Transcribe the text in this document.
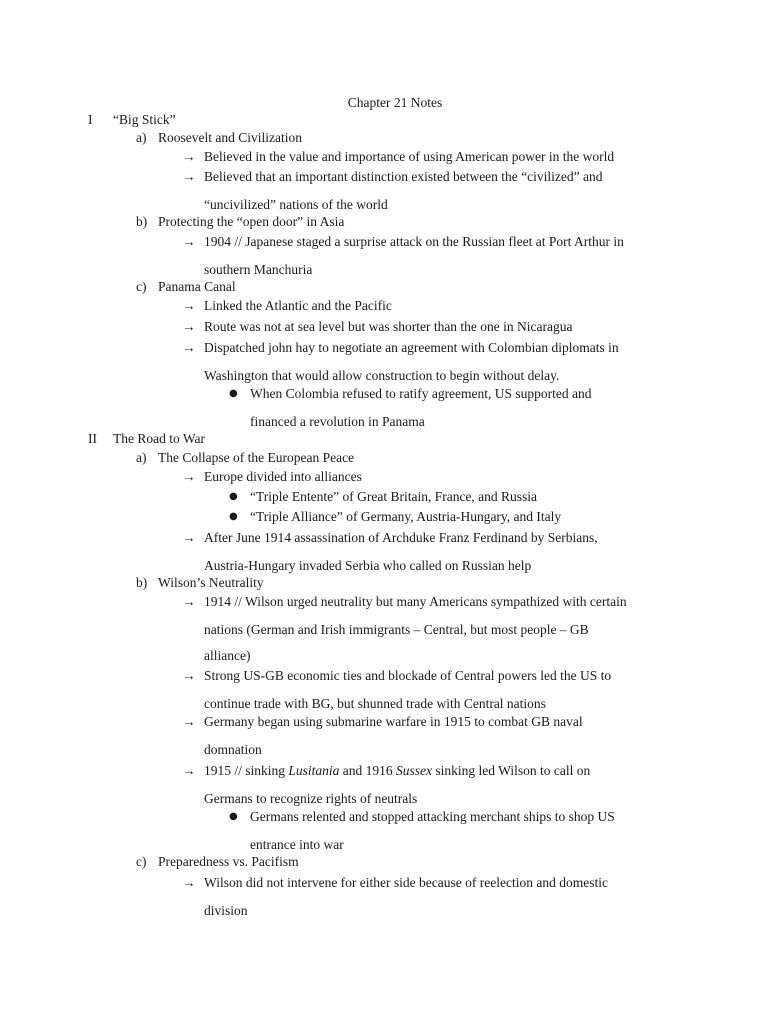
Chapter 21 Notes
I “Big Stick”
a) Roosevelt and Civilization
→ Believed in the value and importance of using American power in the world
→ Believed that an important distinction existed between the “civilized” and
“uncivilized” nations of the world
b) Protecting the “open door” in Asia
→ 1904 // Japanese staged a surprise attack on the Russian fleet at Port Arthur in
southern Manchuria
c) Panama Canal
→ Linked the Atlantic and the Pacific
→ Route was not at sea level but was shorter than the one in Nicaragua
→ Dispatched john hay to negotiate an agreement with Colombian diplomats in
Washington that would allow construction to begin without delay.
● When Colombia refused to ratify agreement, US supported and
financed a revolution in Panama
II The Road to War
a) The Collapse of the European Peace
→ Europe divided into alliances
● “Triple Entente” of Great Britain, France, and Russia
● “Triple Alliance” of Germany, Austria-Hungary, and Italy
→ After June 1914 assassination of Archduke Franz Ferdinand by Serbians,
Austria-Hungary invaded Serbia who called on Russian help
b) Wilson’s Neutrality
→ 1914 // Wilson urged neutrality but many Americans sympathized with certain
nations (German and Irish immigrants – Central, but most people – GB
alliance)
→ Strong US-GB economic ties and blockade of Central powers led the US to
continue trade with BG, but shunned trade with Central nations
→ Germany began using submarine warfare in 1915 to combat GB naval
domnation
→ 1915 // sinking Lusitania and 1916 Sussex sinking led Wilson to call on
Germans to recognize rights of neutrals
● Germans relented and stopped attacking merchant ships to shop US
entrance into war
c) Preparedness vs. Pacifism
→ Wilson did not intervene for either side because of reelection and domestic
division
